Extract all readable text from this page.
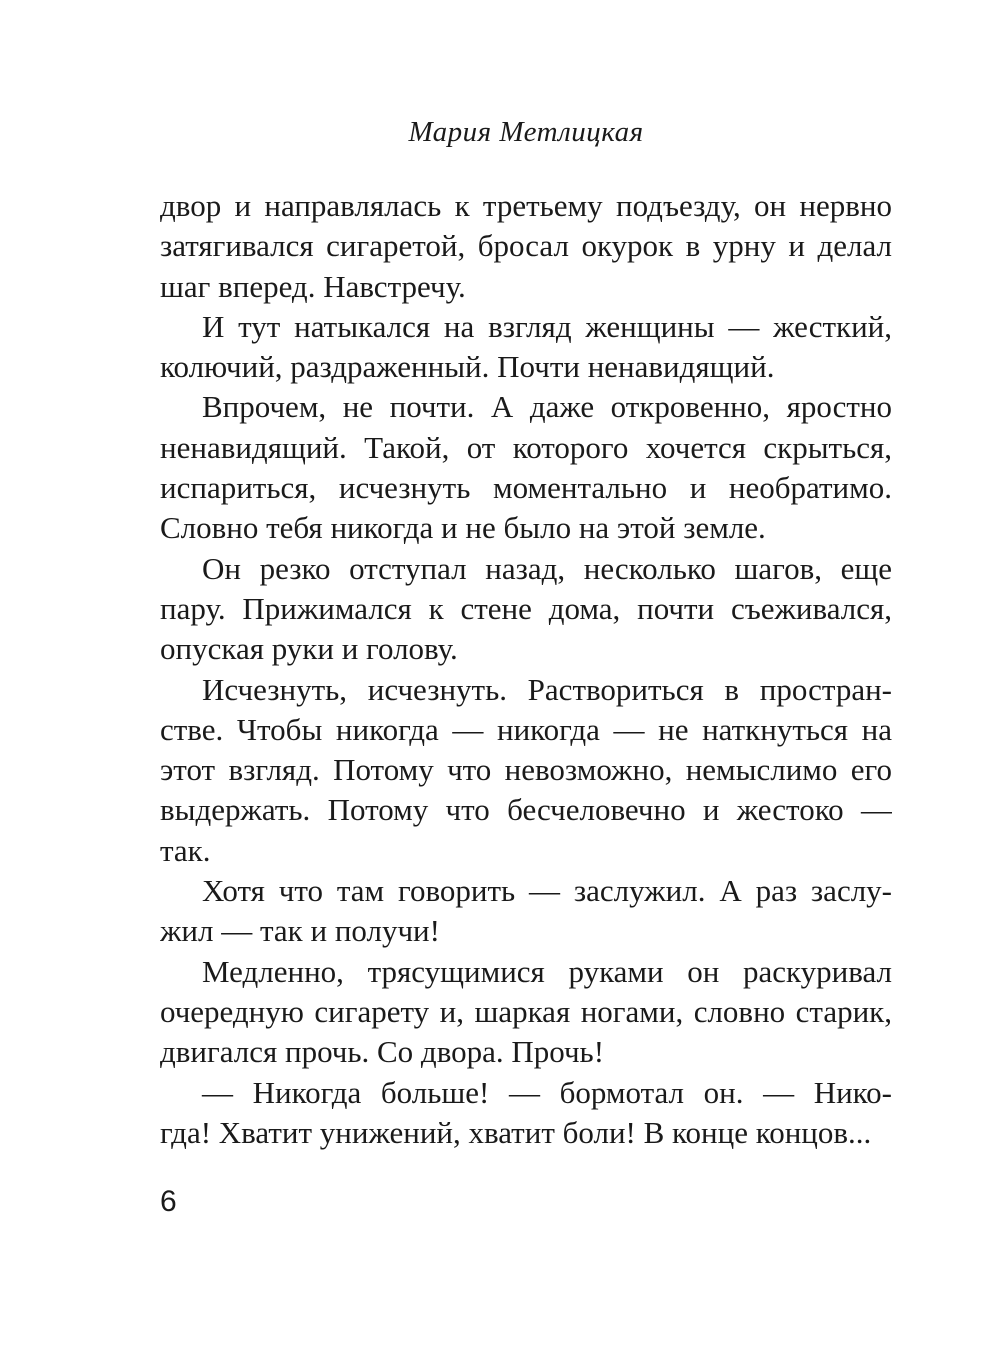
Мария Метлицкая
двор и направлялась к третьему подъезду, он нервно
затягивался сигаретой, бросал окурок в урну и делал
шаг вперед. Навстречу.
И тут натыкался на взгляд женщины — жесткий,
колючий, раздраженный. Почти ненавидящий.
Впрочем, не почти. А даже откровенно, яростно
ненавидящий. Такой, от которого хочется скрыться,
испариться, исчезнуть моментально и необратимо.
Словно тебя никогда и не было на этой земле.
Он резко отступал назад, несколько шагов, еще
пару. Прижимался к стене дома, почти съеживался,
опуская руки и голову.
Исчезнуть, исчезнуть. Раствориться в простран-
стве. Чтобы никогда — никогда — не наткнуться на
этот взгляд. Потому что невозможно, немыслимо его
выдержать. Потому что бесчеловечно и жестоко —
так.
Хотя что там говорить — заслужил. А раз заслу-
жил — так и получи!
Медленно, трясущимися руками он раскуривал
очередную сигарету и, шаркая ногами, словно старик,
двигался прочь. Со двора. Прочь!
— Никогда больше! — бормотал он. — Нико-
гда! Хватит унижений, хватит боли! В конце концов...
6
